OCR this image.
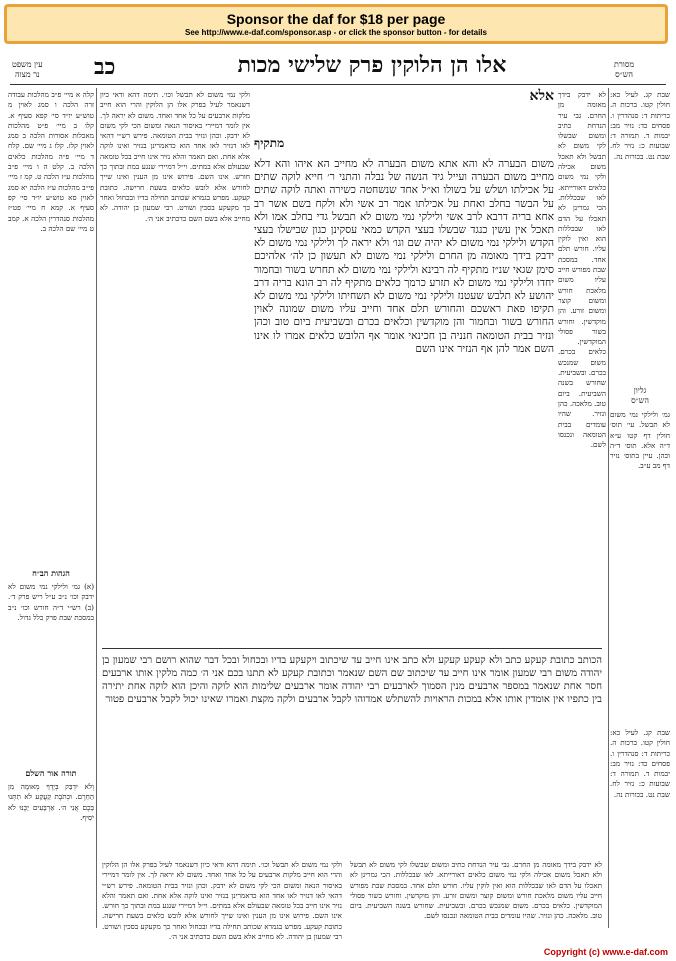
Sponsor the daf for $18 per page
See http://www.e-daf.com/sponsor.asp - or click the sponsor button - for details
כב
עין משפט
נר מצוה	אלו הן הלוקין פרק שלישי מכות	מסורת
הש״ס
ולקי נמי משום לא תבשל וכו׳. תימה דהא ודאי כיון דשנאמר לעיל בפרק אלו הן הלוקין והרי הוא חייב מלקות ארבעים על כל אחד ואחד. משום לא יראה לך. אין לומר דמיירי באיסור הנאה ומשום הכי לקי משום לא ידבק. וכהן ונזיר בבית הטומאה. פירש רש״י דהאי לאו דנזיר לאו אחד הוא כדאמרינן בנזיר ואינו לוקה אלא אחת. ואם תאמר והלא נזיר אינו חייב בכל טומאה שבעולם אלא במתים. וי״ל דמיירי שנגע במת ובתוך כך חורש. אינו השם. פירוש אינו מן הענין ואינו שייך לחורש אלא לובש כלאים בשעת חרישה. כתובת קעקע. מפרש בגמרא שכותב תחילה בדיו ובכחול ואחר כך מקעקע בסכין ושורט. רבי שמעון בן יהודה. לא מחייב אלא בשם השם כדכתיב אני ה׳.
אלא
מתקיף
משום הבערה לא והא אתא משום הבערה לא מחייב הא איהו והא דלא מחייב משום הבערה ועייל גיד הנשה של נבלה והתני ר׳ חייא לוקה שתים על אכילתו ושלש על בשולו וא״ל אחד שנשחטה כשירה ואתה לוקה שתים על הבשר בחלב ואחת על אכילתו אמר רב אשי ולא ולקח בשם אשר רב אחא בריה דרבא לרב אשי ולילקי נמי משום לא תבשל גדי בחלב אמו ולא תאכל אין עשין כנגד שבשלו בעצי הקדש כמאי עסקינן כגון שבישלו בעצי הקדש ולילקי נמי משום לא יהיה שם וגו׳ ולא יראה לך ולילקי נמי משום לא ידבק בידך מאומה מן החרם ולילקי נמי משום לא תעשון כן לה׳ אלהיכם סימן שגאי שנ״ז מתקיף לה רבינא ולילקי נמי משום לא תחרש בשור ובחמור יחדו ולילקי נמי משום לא תזרע כרמך כלאים מתקיף לה רב הונא בריה דרב יהושע לא תלבש שעטנז ולילקי נמי משום לא תשחיתו ולילקי נמי משום לא תקיפו פאת ראשכם והחורש תלם אחד וחייב עליו משום שמונה לאוין החורש בשור ובחמור והן מוקדשין וכלאים בכרם ובשביעית ביום טוב וכהן ונזיר בבית הטומאה חנניה בן חכינאי אומר אף הלובש כלאים אמרו לו אינו השם אמר להן אף הנזיר אינו השם
לא ידבק בידך מאומה מן החרם. גבי עיר הנדחת כתיב ומשום שבשלו לקי משום לא תבשל ולא תאכל משום אכילה ולקי נמי משום כלאים דאורייתא. לאו שבכללות. הכי גמרינן לא תאכלו על הדם לאו שבכללות הוא ואין לוקין עליו. חורש תלם אחד. במסכת שבת מפורש חייב עליו משום מלאכת חורש ומשום קוצר ומשום זורע. והן מוקדשין. וחורש בשור פסולי המוקדשין. כלאים בכרם. משום שמנכש בכרם. ובשביעית. שחורש בשנה השביעית. ביום טוב. מלאכה. כהן ונזיר. שהיו עומדים בבית הטומאה ונכנסו לשם.
קלה א מיי׳ פ״ב מהלכות עבודה זרה הלכה ו סמג לאוין מ טוש״ע יו״ד סי׳ קפא סעיף א. קלו ב מיי׳ פ״ט מהלכות מאכלות אסורות הלכה ב סמג לאוין קלז. קלז ג מיי׳ שם. קלח ד מיי׳ פ״ה מהלכות כלאים הלכה ב. קלט ה ו מיי׳ פ״ב מהלכות ע״ז הלכה ט. קמ ז מיי׳ פי״ב מהלכות ע״ז הלכה יא סמג לאוין סא טוש״ע יו״ד סי׳ קפ סעיף א. קמא ח מיי׳ פט״ז מהלכות סנהדרין הלכה א. קמב ט מיי׳ שם הלכה ב.
שבת קג. לעיל כא: חולין קטו. ברכות ה. כריתות ד: סנהדרין ו. פסחים כד: נזיר מב: יבמות ד. תמורה ד: שבועות כ: נזיר לח. שבת נט. בכורות נה.
גליון
הש״ס
גמ׳ ולילקי נמי משום לא תבשל. עי׳ תוס׳ חולין דף קטו ע״א ד״ה אלא. תוס׳ ד״ה וכהן. עיין בתוס׳ נזיר דף מב ע״ב.
הכותב כתובת קעקע כתב ולא קעקע קעקע ולא כתב אינו חייב עד שיכתוב ויקעקע בדיו ובכחול ובכל דבר שהוא רושם רבי שמעון בן יהודה משום רבי שמעון אומר אינו חייב עד שיכתוב שם השם שנאמר וכתובת קעקע לא תתנו בכם אני ה׳ כמה מלקין אותו ארבעים חסר אחת שנאמר במספר ארבעים מנין הסמוך לארבעים רבי יהודה אומר ארבעים שלימות הוא לוקה והיכן הוא לוקה אחת יתירה בין כתפיו אין אומדין אותו אלא במכות הראויות להשתלש אמדוהו לקבל ארבעים ולקה מקצת ואמרו שאינו יכול לקבל ארבעים פטור
הגהות הב״ח
(א) גמ׳ ולילקי נמי משום לא ידבק וכו׳ נ״ב ע״ל ריש פרק ד׳. (ב) רש״י ד״ה חורש וכו׳ נ״ב במסכת שבת פרק כלל גדול.
תורה אור השלם
וְלֹא יִדְבַּק בְּיָדְךָ מְאוּמָה מִן הַחֵרֶם. וּכְתֹבֶת קַעֲקַע לֹא תִתְּנוּ בָּכֶם אֲנִי ה׳. אַרְבָּעִים יַכֶּנּוּ לֹא יֹסִיף.
ולקי נמי משום לא תבשל וכו׳. תימה דהא ודאי כיון דשנאמר לעיל בפרק אלו הן הלוקין והרי הוא חייב מלקות ארבעים על כל אחד ואחד. משום לא יראה לך. אין לומר דמיירי באיסור הנאה ומשום הכי לקי משום לא ידבק. וכהן ונזיר בבית הטומאה. פירש רש״י דהאי לאו דנזיר לאו אחד הוא כדאמרינן בנזיר ואינו לוקה אלא אחת. ואם תאמר והלא נזיר אינו חייב בכל טומאה שבעולם אלא במתים. וי״ל דמיירי שנגע במת ובתוך כך חורש. אינו השם. פירוש אינו מן הענין ואינו שייך לחורש אלא לובש כלאים בשעת חרישה. כתובת קעקע. מפרש בגמרא שכותב תחילה בדיו ובכחול ואחר כך מקעקע בסכין ושורט. רבי שמעון בן יהודה. לא מחייב אלא בשם השם כדכתיב אני ה׳.
לא ידבק בידך מאומה מן החרם. גבי עיר הנדחת כתיב ומשום שבשלו לקי משום לא תבשל ולא תאכל משום אכילה ולקי נמי משום כלאים דאורייתא. לאו שבכללות. הכי גמרינן לא תאכלו על הדם לאו שבכללות הוא ואין לוקין עליו. חורש תלם אחד. במסכת שבת מפורש חייב עליו משום מלאכת חורש ומשום קוצר ומשום זורע. והן מוקדשין. וחורש בשור פסולי המוקדשין. כלאים בכרם. משום שמנכש בכרם. ובשביעית. שחורש בשנה השביעית. ביום טוב. מלאכה. כהן ונזיר. שהיו עומדים בבית הטומאה ונכנסו לשם.
שבת קג. לעיל כא: חולין קטו. ברכות ה. כריתות ד: סנהדרין ו. פסחים כד: נזיר מב: יבמות ד. תמורה ד: שבועות כ: נזיר לח. שבת נט. בכורות נה.
Copyright (c) www.e-daf.com
